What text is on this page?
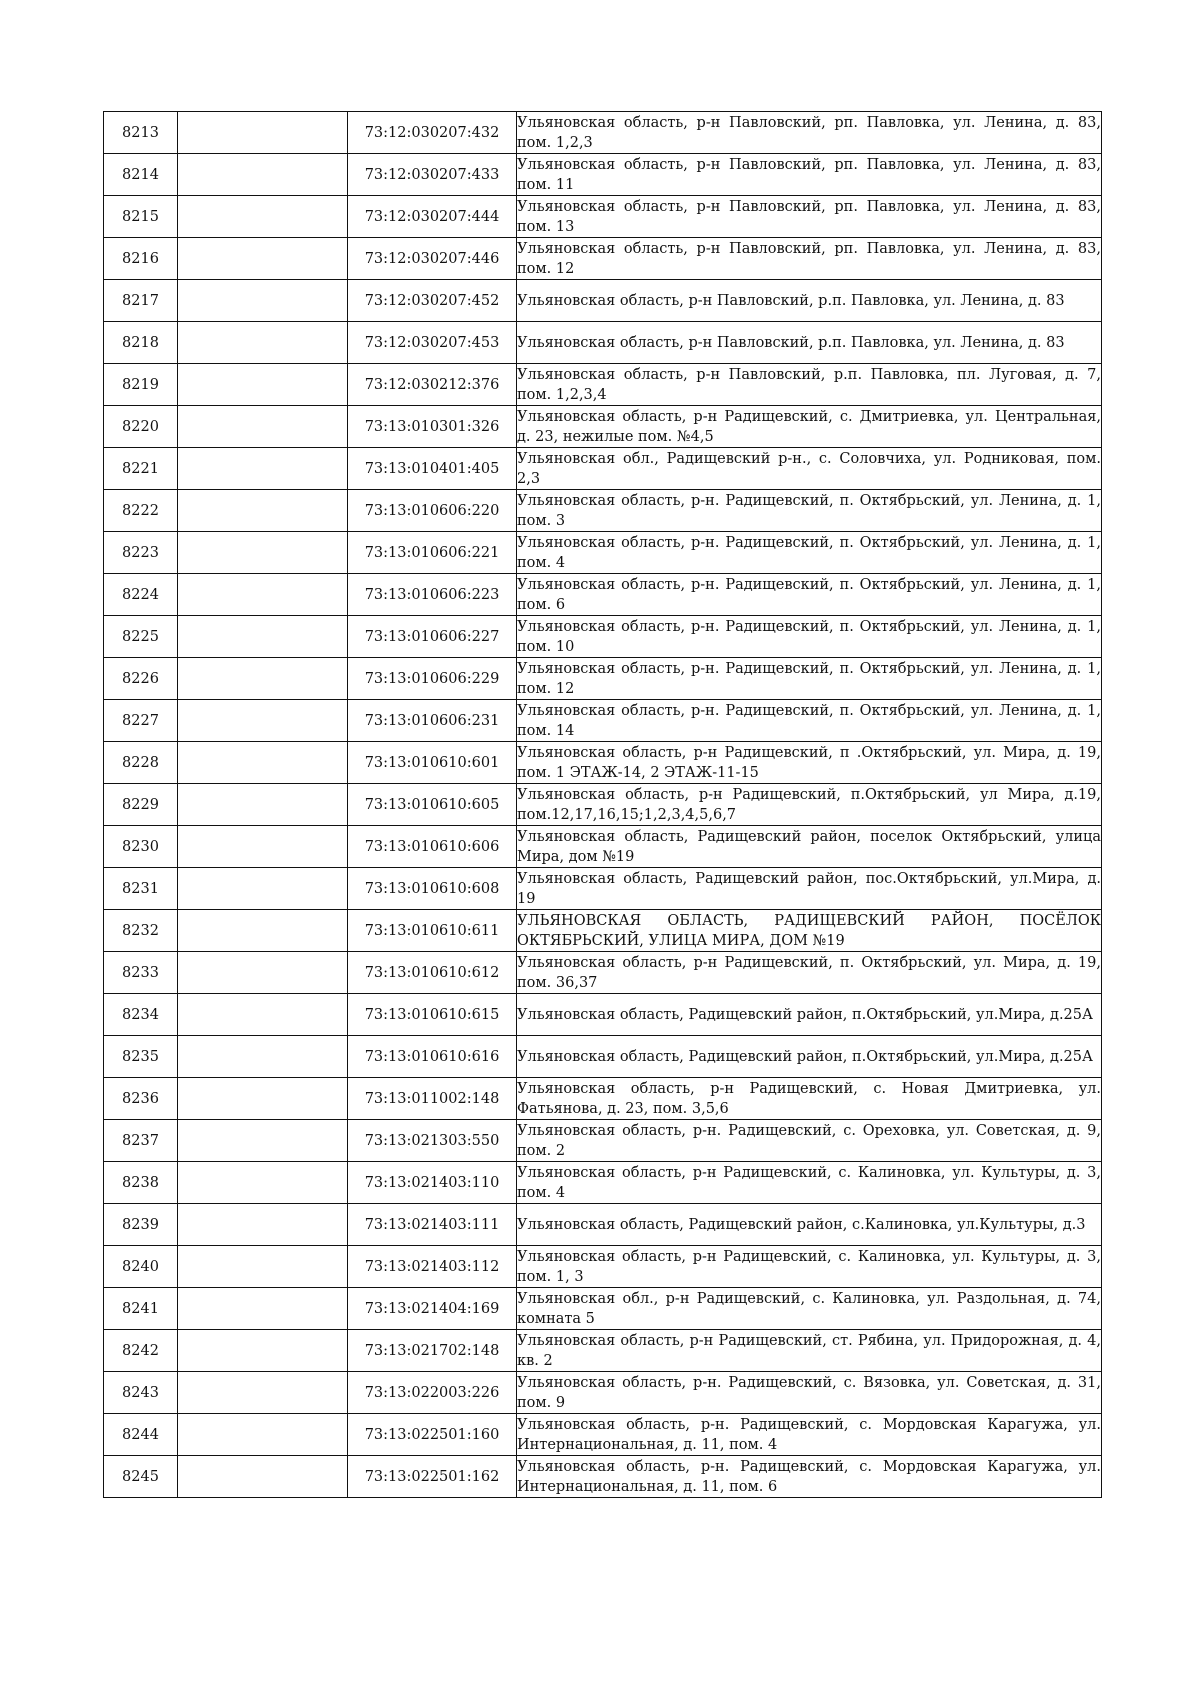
8213		73:12:030207:432	Ульяновская область, р-н Павловский, рп. Павловка, ул. Ленина, д. 83, пом. 1,2,3
8214		73:12:030207:433	Ульяновская область, р-н Павловский, рп. Павловка, ул. Ленина, д. 83, пом. 11
8215		73:12:030207:444	Ульяновская область, р-н Павловский, рп. Павловка, ул. Ленина, д. 83, пом. 13
8216		73:12:030207:446	Ульяновская область, р-н Павловский, рп. Павловка, ул. Ленина, д. 83, пом. 12
8217		73:12:030207:452	Ульяновская область, р-н Павловский, р.п. Павловка, ул. Ленина, д. 83
8218		73:12:030207:453	Ульяновская область, р-н Павловский, р.п. Павловка, ул. Ленина, д. 83
8219		73:12:030212:376	Ульяновская область, р-н Павловский, р.п. Павловка, пл. Луговая, д. 7, пом. 1,2,3,4
8220		73:13:010301:326	Ульяновская область, р-н Радищевский, с. Дмитриевка, ул. Центральная, д. 23, нежилые пом. №4,5
8221		73:13:010401:405	Ульяновская обл., Радищевский р-н., с. Соловчиха, ул. Родниковая, пом. 2,3
8222		73:13:010606:220	Ульяновская область, р-н. Радищевский, п. Октябрьский, ул. Ленина, д. 1, пом. 3
8223		73:13:010606:221	Ульяновская область, р-н. Радищевский, п. Октябрьский, ул. Ленина, д. 1, пом. 4
8224		73:13:010606:223	Ульяновская область, р-н. Радищевский, п. Октябрьский, ул. Ленина, д. 1, пом. 6
8225		73:13:010606:227	Ульяновская область, р-н. Радищевский, п. Октябрьский, ул. Ленина, д. 1, пом. 10
8226		73:13:010606:229	Ульяновская область, р-н. Радищевский, п. Октябрьский, ул. Ленина, д. 1, пом. 12
8227		73:13:010606:231	Ульяновская область, р-н. Радищевский, п. Октябрьский, ул. Ленина, д. 1, пом. 14
8228		73:13:010610:601	Ульяновская область, р-н Радищевский, п .Октябрьский, ул. Мира, д. 19, пом. 1 ЭТАЖ-14, 2 ЭТАЖ-11-15
8229		73:13:010610:605	Ульяновская область, р-н Радищевский, п.Октябрьский, ул Мира, д.19, пом.12,17,16,15;1,2,3,4,5,6,7
8230		73:13:010610:606	Ульяновская область, Радищевский район, поселок Октябрьский, улица Мира, дом №19
8231		73:13:010610:608	Ульяновская область, Радищевский район, пос.Октябрьский, ул.Мира, д. 19
8232		73:13:010610:611	УЛЬЯНОВСКАЯ ОБЛАСТЬ, РАДИЩЕВСКИЙ РАЙОН, ПОСЁЛОК ОКТЯБРЬСКИЙ, УЛИЦА МИРА, ДОМ №19
8233		73:13:010610:612	Ульяновская область, р-н Радищевский, п. Октябрьский, ул. Мира, д. 19, пом. 36,37
8234		73:13:010610:615	Ульяновская область, Радищевский район, п.Октябрьский, ул.Мира, д.25А
8235		73:13:010610:616	Ульяновская область, Радищевский район, п.Октябрьский, ул.Мира, д.25А
8236		73:13:011002:148	Ульяновская область, р-н Радищевский, с. Новая Дмитриевка, ул. Фатьянова, д. 23, пом. 3,5,6
8237		73:13:021303:550	Ульяновская область, р-н. Радищевский, с. Ореховка, ул. Советская, д. 9, пом. 2
8238		73:13:021403:110	Ульяновская область, р-н Радищевский, с. Калиновка, ул. Культуры, д. 3, пом. 4
8239		73:13:021403:111	Ульяновская область, Радищевский район, с.Калиновка, ул.Культуры, д.3
8240		73:13:021403:112	Ульяновская область, р-н Радищевский, с. Калиновка, ул. Культуры, д. 3, пом. 1, 3
8241		73:13:021404:169	Ульяновская обл., р-н Радищевский, с. Калиновка, ул. Раздольная, д. 74, комната 5
8242		73:13:021702:148	Ульяновская область, р-н Радищевский, ст. Рябина, ул. Придорожная, д. 4, кв. 2
8243		73:13:022003:226	Ульяновская область, р-н. Радищевский, с. Вязовка, ул. Советская, д. 31, пом. 9
8244		73:13:022501:160	Ульяновская область, р-н. Радищевский, с. Мордовская Карагужа, ул. Интернациональная, д. 11, пом. 4
8245		73:13:022501:162	Ульяновская область, р-н. Радищевский, с. Мордовская Карагужа, ул. Интернациональная, д. 11, пом. 6
